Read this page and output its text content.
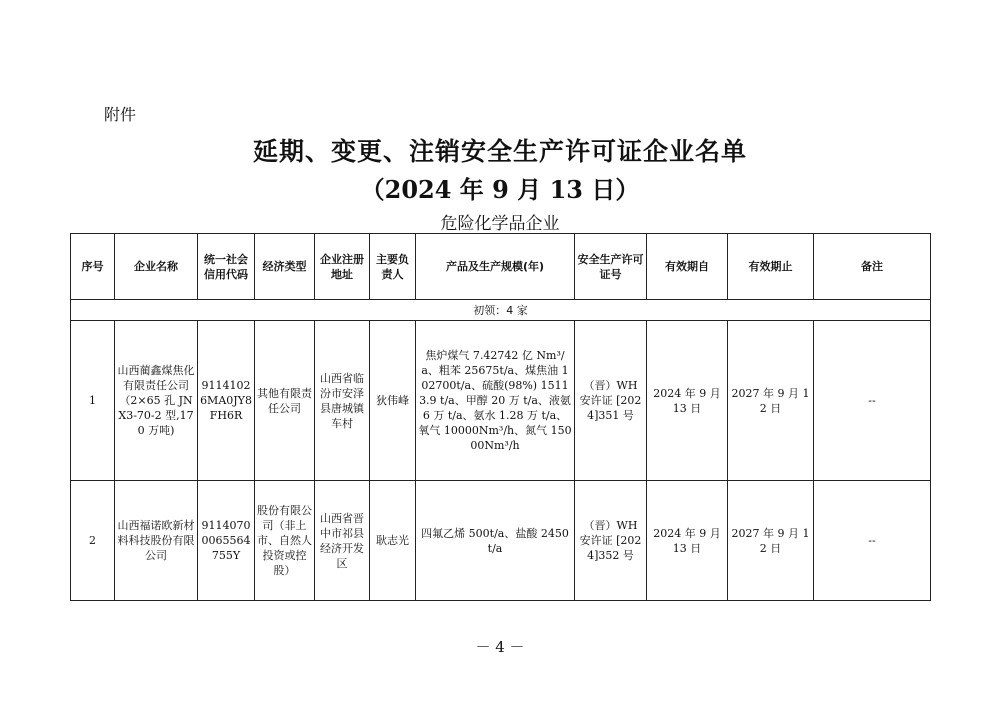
附件
延期、变更、注销安全生产许可证企业名单
（2024 年 9 月 13 日）
危险化学品企业
序号	企业名称	统一社会信用代码	经济类型	企业注册地址	主要负责人	产品及生产规模(年)	安全生产许可证号	有效期自	有效期止	备注
初领：4 家										
1	山西蔺鑫煤焦化有限责任公司（2×65 孔 JNX3-70-2 型,170 万吨)	91141026MA0JY8FH6R	其他有限责任公司	山西省临汾市安泽县唐城镇车村	狄伟峰	焦炉煤气 7.42742 亿 Nm³/a、粗苯 25675t/a、煤焦油 102700t/a、硫酸(98%) 15113.9 t/a、甲醇 20 万 t/a、液氨 6 万 t/a、氨水 1.28 万 t/a、氧气 10000Nm³/h、氮气 15000Nm³/h	（晋）WH 安许证 [2024]351 号	2024 年 9 月 13 日	2027 年 9 月 12 日	--
2	山西福诺欧新材料科技股份有限公司	91140700065564755Y	股份有限公司（非上市、自然人投资或控股）	山西省晋中市祁县经济开发区	耿志光	四氟乙烯 500t/a、盐酸 2450t/a	（晋）WH 安许证 [2024]352 号	2024 年 9 月 13 日	2027 年 9 月 12 日	--
－ 4 －
